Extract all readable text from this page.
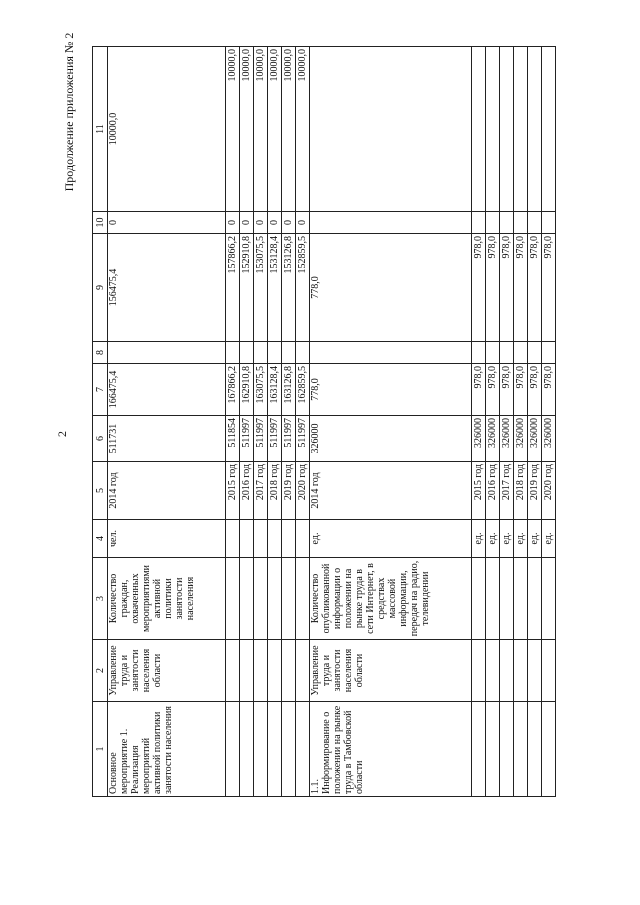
2
Продолжение приложения № 2
1	2	3	4	5	6	7	8	9	10	11
Основное мероприятие 1. Реализация мероприятий активной политики занятости населения	Управление труда и занятости населения области	Количество граждан, охваченных мероприятиями активной политики занятости населения	чел.	2014 год	511731	166475,4		156475,4	0	10000,0
				2015 год	511854	167866,2		157866,2	0	10000,0
				2016 год	511997	162910,8		152910,8	0	10000,0
				2017 год	511997	163075,5		153075,5	0	10000,0
				2018 год	511997	163128,4		153128,4	0	10000,0
				2019 год	511997	163126,8		153126,8	0	10000,0
				2020 год	511997	162859,5		152859,5	0	10000,0
1.1. Информирование о положении на рынке труда в Тамбовской области	Управление труда и занятости населения области	Количество опубликованной информации о положении на рынке труда в сети Интернет, в средствах массовой информации, передач на радио, телевидении	ед.	2014 год	326000	778,0		778,0		
			ед.	2015 год	326000	978,0		978,0		
			ед.	2016 год	326000	978,0		978,0		
			ед.	2017 год	326000	978,0		978,0		
			ед.	2018 год	326000	978,0		978,0		
			ед.	2019 год	326000	978,0		978,0		
			ед.	2020 год	326000	978,0		978,0		
